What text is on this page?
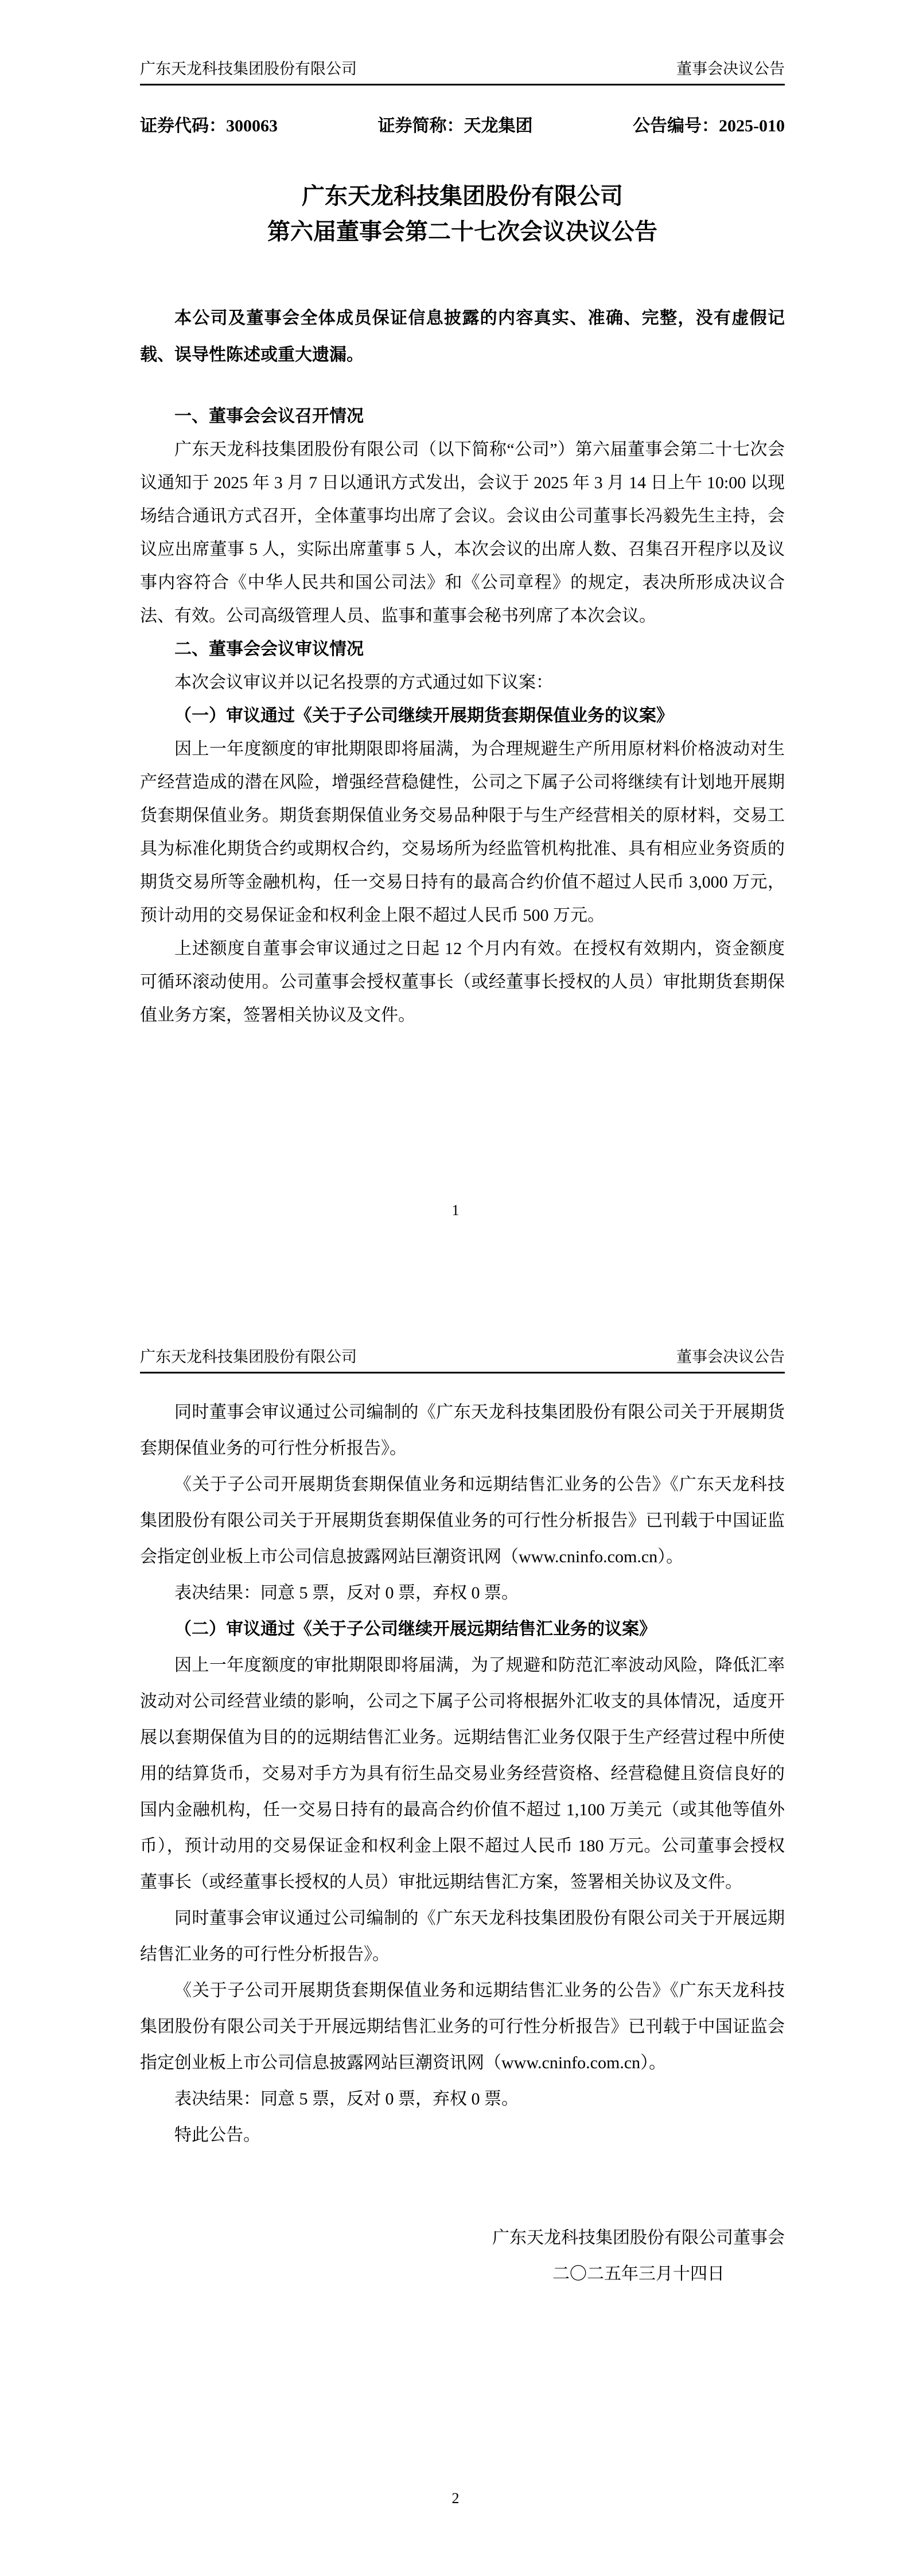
广东天龙科技集团股份有限公司	董事会决议公告
证券代码：300063	证券简称：天龙集团	公告编号：2025-010
广东天龙科技集团股份有限公司
第六届董事会第二十七次会议决议公告
本公司及董事会全体成员保证信息披露的内容真实、准确、完整，没有虚假记载、误导性陈述或重大遗漏。
一、董事会会议召开情况

广东天龙科技集团股份有限公司（以下简称“公司”）第六届董事会第二十七次会议通知于 2025 年 3 月 7 日以通讯方式发出，会议于 2025 年 3 月 14 日上午 10:00 以现场结合通讯方式召开，全体董事均出席了会议。会议由公司董事长冯毅先生主持，会议应出席董事 5 人，实际出席董事 5 人，本次会议的出席人数、召集召开程序以及议事内容符合《中华人民共和国公司法》和《公司章程》的规定，表决所形成决议合法、有效。公司高级管理人员、监事和董事会秘书列席了本次会议。

二、董事会会议审议情况

本次会议审议并以记名投票的方式通过如下议案：

（一）审议通过《关于子公司继续开展期货套期保值业务的议案》

因上一年度额度的审批期限即将届满，为合理规避生产所用原材料价格波动对生产经营造成的潜在风险，增强经营稳健性，公司之下属子公司将继续有计划地开展期货套期保值业务。期货套期保值业务交易品种限于与生产经营相关的原材料，交易工具为标准化期货合约或期权合约，交易场所为经监管机构批准、具有相应业务资质的期货交易所等金融机构，任一交易日持有的最高合约价值不超过人民币 3,000 万元，预计动用的交易保证金和权利金上限不超过人民币 500 万元。

上述额度自董事会审议通过之日起 12 个月内有效。在授权有效期内，资金额度可循环滚动使用。公司董事会授权董事长（或经董事长授权的人员）审批期货套期保值业务方案，签署相关协议及文件。

1
广东天龙科技集团股份有限公司	董事会决议公告

同时董事会审议通过公司编制的《广东天龙科技集团股份有限公司关于开展期货套期保值业务的可行性分析报告》。

《关于子公司开展期货套期保值业务和远期结售汇业务的公告》《广东天龙科技集团股份有限公司关于开展期货套期保值业务的可行性分析报告》已刊载于中国证监会指定创业板上市公司信息披露网站巨潮资讯网（www.cninfo.com.cn）。

表决结果：同意 5 票，反对 0 票，弃权 0 票。

（二）审议通过《关于子公司继续开展远期结售汇业务的议案》

因上一年度额度的审批期限即将届满，为了规避和防范汇率波动风险，降低汇率波动对公司经营业绩的影响，公司之下属子公司将根据外汇收支的具体情况，适度开展以套期保值为目的的远期结售汇业务。远期结售汇业务仅限于生产经营过程中所使用的结算货币，交易对手方为具有衍生品交易业务经营资格、经营稳健且资信良好的国内金融机构，任一交易日持有的最高合约价值不超过 1,100 万美元（或其他等值外币），预计动用的交易保证金和权利金上限不超过人民币 180 万元。公司董事会授权董事长（或经董事长授权的人员）审批远期结售汇方案，签署相关协议及文件。

同时董事会审议通过公司编制的《广东天龙科技集团股份有限公司关于开展远期结售汇业务的可行性分析报告》。

《关于子公司开展期货套期保值业务和远期结售汇业务的公告》《广东天龙科技集团股份有限公司关于开展远期结售汇业务的可行性分析报告》已刊载于中国证监会指定创业板上市公司信息披露网站巨潮资讯网（www.cninfo.com.cn）。

表决结果：同意 5 票，反对 0 票，弃权 0 票。

特此公告。

广东天龙科技集团股份有限公司董事会
二〇二五年三月十四日
2
